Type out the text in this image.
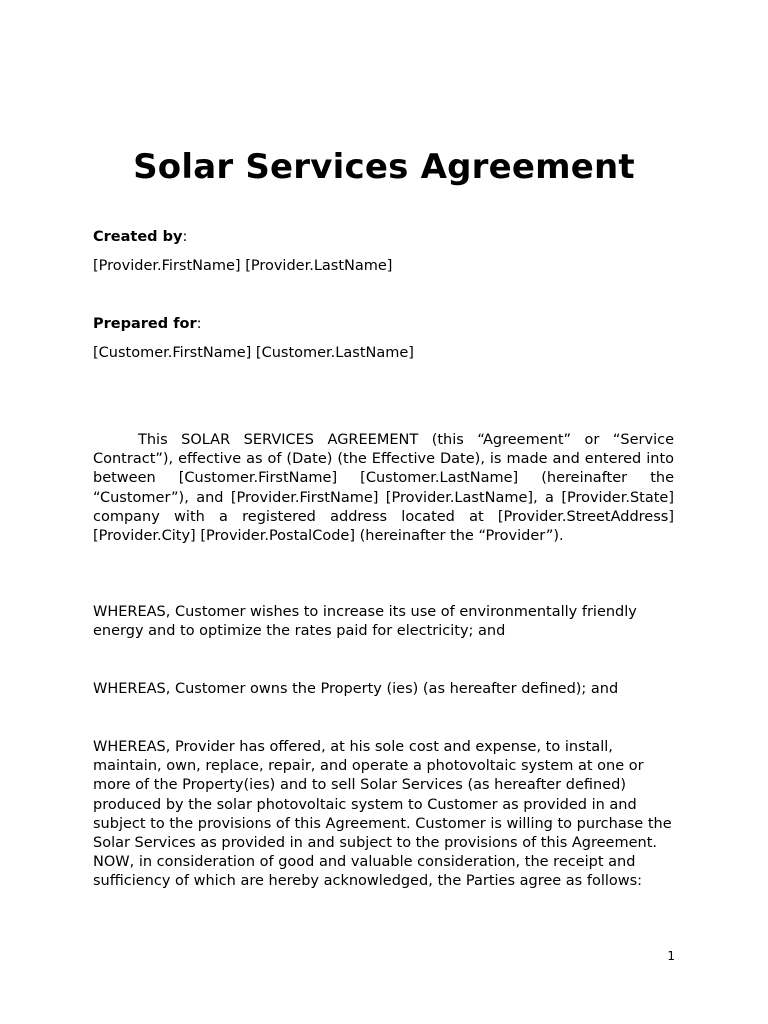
Solar Services Agreement
Created by:
[Provider.FirstName] [Provider.LastName]
Prepared for:
[Customer.FirstName] [Customer.LastName]

This SOLAR SERVICES AGREEMENT (this “Agreement” or “Service Contract”), effective as of (Date) (the Effective Date), is made and entered into between [Customer.FirstName] [Customer.LastName] (hereinafter the “Customer”), and [Provider.FirstName] [Provider.LastName], a [Provider.State] company with a registered address located at [Provider.StreetAddress] [Provider.City] [Provider.PostalCode] (hereinafter the “Provider”).

WHEREAS, Customer wishes to increase its use of environmentally friendly energy and to optimize the rates paid for electricity; and

WHEREAS, Customer owns the Property (ies) (as hereafter defined); and

WHEREAS, Provider has offered, at his sole cost and expense, to install, maintain, own, replace, repair, and operate a photovoltaic system at one or more of the Property(ies) and to sell Solar Services (as hereafter defined) produced by the solar photovoltaic system to Customer as provided in and subject to the provisions of this Agreement. Customer is willing to purchase the Solar Services as provided in and subject to the provisions of this Agreement. NOW, in consideration of good and valuable consideration, the receipt and sufficiency of which are hereby acknowledged, the Parties agree as follows:

1
